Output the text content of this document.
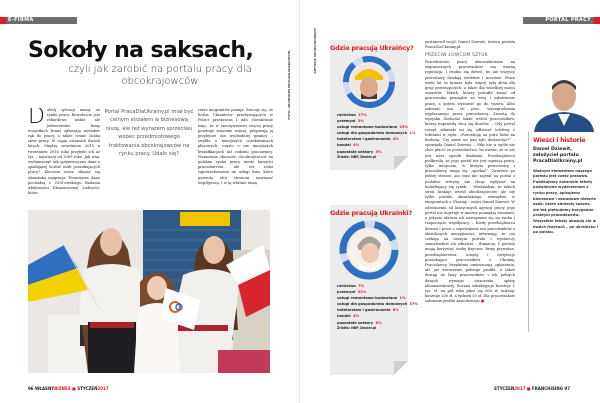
E-FIRMA
FOTO: ARCHIWUM PRACADLAUKRAINY.PL
Sokoły na saksach,
czyli jak zarobić na portalu pracy dla obcokrajowców
D obrej sytuacji mamy na rynku pracy. Bezrobocie jest rekordowo niskie, ale jednocześnie firmy wszystkich branż zgłaszają niedobór rąk do pracy, a także rośnie liczba ofert pracy. W ciągu ostatnich dwóch latach. Między wrześniem 2015 a wrześniem 2016 roku przybyło ich aż tys. – najwięcej od 2009 roku. Jak więc wytłumaczyć tak optymistyczne dane o spadającej liczbie osób poszukujących pracy? Kluczem może okazać się ukraińska imigracja. Pewniejsze dane pochodzą z GUS-owskiego Badania Aktywności Ekonomicznej Ludności, które
Portal PracaDlaUkrainy.pl miał być celnym strzałem w biznesową niszę, ale też wyrazem sprzeciwu wobec przedmiotowego traktowania obcokrajowców na rynku pracy. Udało się?
rzecz imigrantów pomija. Szacuje się, że liczba Ukraińców przebywających w Polsce przekracza 1 mln. Niezależnie więc, że w rzeczywistości więcej pracy powstaje znacznie więcej, przyjmują ją przybysze zza wschodniej granicy – zwykle o mniejszych oczekiwaniach płacowych, często o nie mniejszych kwalifikacjach niż rodzimi pracownicy. Wzmożona obecność obcokrajowców na polskim rynku pracy niesie korzyści pracodawcom, ale też rodzi zapotrzebowanie na usługi firm, które pozwolą obu stronom nawiązać współpracę. I w tę właśnie niszę
96 WŁASNYBIZNES ■ STYCZEŃ2017
PORTAL PRACY
ARTYKUŁ SPONSOROWANY Gdzie pracują Ukraińcy?
rolnictwo 17%
przemysł 3%
usługi remontowo-budowlane 23%
usługi dla gospodarstw domowych 1%
hotelarstwo i gastronomia 4%
handel 4%
pozostałe sektory 5%
Źródło: NBP, Dealer.pl
Gdzie pracują Ukrainki?
rolnictwo 7%
przemysł 32%
usługi remontowo-budowlane 1%
usługi dla gospodarstw domowych 37%
hotelarstwo i gastronomia 8%
handel 4%
pozostałe sektory 6%
Źródło: NBP, Dealer.pl
postanowił wejść Daniel Dziewit, twórca portalu PracaDlaUkrainy.pl.
PRZECIW ŁOWCOM SZTUK
Pośrednictwo pracy ukierunkowane na zagranicznych pracowników ma marną reputację. I trudno się dziwić, bo nie wszyscy pośrednicy działają rzetelnie i uczciwie. Przez wiele lat ta branża była więcej żyłą złota dla grup przestępczych, a także dla wszelkiej maści oszustów. Takich, którzy potrafili wziąć od pracownika pieniądze za wizę i załatwienie pracy, a potem wystawić go do wiatru. Albo zabierać mu 50 proc. wynagrodzenia wypłacanego przez pracodawcę. Zresztą do wyzysku dochodzi także wśród pracowników, którzy naprawdę chcą się dorobić. – Gdy portal ruszył, zdarzało mi się odbierać telefony z tekstami w stylu: „Potrzebuję na jutro ludzi na budowę. Czy może mi pan tyle dostarczyć?” – opowiada Daniel Dziewit. – Nikt nie w ogóle nie chce płacić za pośrednictwo, bo uważa, że to nie jest nasz sposób działania. Przedsiębiorca podkreśla, że jego portal nie jest agencją pracy, tylko miejscem, w którym pracownicy i pracodawcy mogą się „spotkać”. Zarazem po jednej stronie, ani razu nie zajrzał na portal z podobne witryny, nie chcąc wpływać na kształtujący się rynek. – Wiedziałem, że takich stron brakuje wśród obcokrajowców, ale nie tylko portalu ukraińskiego, wierzyłem w emigrantach z Ukrainy – mówi Daniel Dziewit. W odróżnieniu od klasycznych agencji pracy, jego portal nie ingeruje w umowy pomiędzy stronami, a jedynie ułatwia ich nawiązanie się na rynku i rozpoczęcie współpracy. – Kiedy przedsiębiorca dzwoni i prosi o zapewnienie mu pracowników z określonych umiejętności, informuję, że oni czekają na naszym portalu i wystarczy samodzielnie ich odnaleźć – tłumaczy. Z portalu mogą korzystać osoby fizyczne, firmy prywatne, przedsiębiorstwa, urzędy i instytucje poszukujące pracowników z Ukrainy. Pracodawcy bezpłatnie umieszczają ogłoszenia, ale już utworzenie pełnego profilu, a także dostęp do bazy pracowników i ich pełnych danych wymaga uiszczenia opłaty abonamentowej. Roczna subskrypcja kosztuje 1 tys. zł, na pół roku płaci się 600 zł, miesiąc kosztuje 200 zł, a tydzień 50 zł. Dla pracowników założenie profilu zawodowego ■
Wieści i historie
Daniel Dziewit, założyciel portalu PracaDlaUkrainy.pl
Ważnym elementem naszego portalu jest część prasowa. Publikujemy autorskie teksty poświęcone wydarzeniom z rynku pracy, opisujemy biznesowe i zawodowe historie osób, które odniosły sukces, ale też piętnujemy karygodne praktyki pracodawców. Wszystkie teksty ukazują się w dwóch językach – po ukraińsku i po polsku.
STYCZEŃ2017 ■ FRANCHISING 97
